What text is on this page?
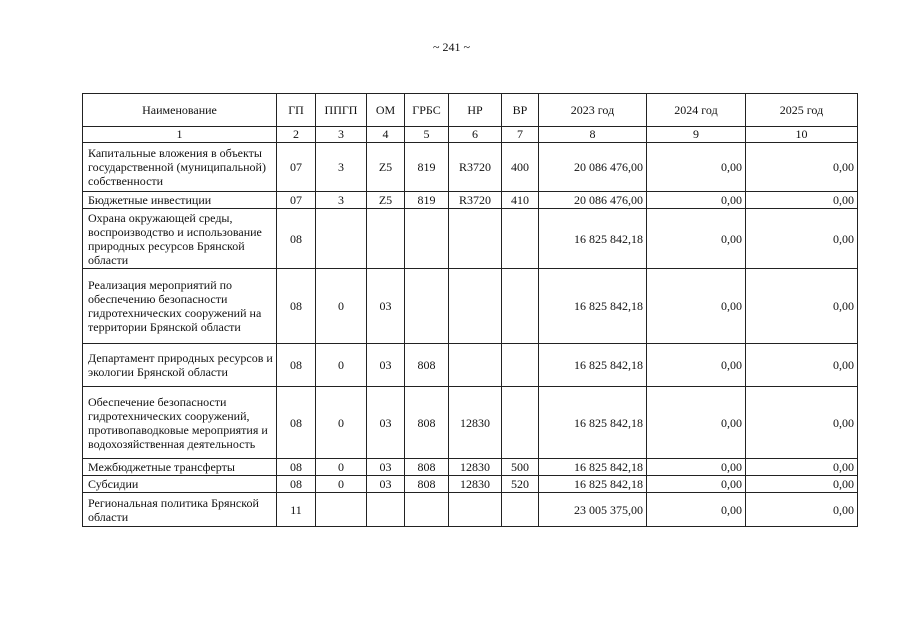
~ 241 ~
Наименование	ГП	ППГП	ОМ	ГРБС	НР	ВР	2023 год	2024 год	2025 год
1	2	3	4	5	6	7	8	9	10
Капитальные вложения в объекты государственной (муниципальной) собственности	07	3	Z5	819	R3720	400	20 086 476,00	0,00	0,00
Бюджетные инвестиции	07	3	Z5	819	R3720	410	20 086 476,00	0,00	0,00
Охрана окружающей среды, воспроизводство и использование природных ресурсов Брянской области	08						16 825 842,18	0,00	0,00
Реализация мероприятий по обеспечению безопасности гидротехнических сооружений на территории Брянской области	08	0	03				16 825 842,18	0,00	0,00
Департамент природных ресурсов и экологии Брянской области	08	0	03	808			16 825 842,18	0,00	0,00
Обеспечение безопасности гидротехнических сооружений, противопаводковые мероприятия и водохозяйственная деятельность	08	0	03	808	12830		16 825 842,18	0,00	0,00
Межбюджетные трансферты	08	0	03	808	12830	500	16 825 842,18	0,00	0,00
Субсидии	08	0	03	808	12830	520	16 825 842,18	0,00	0,00
Региональная политика Брянской области	11						23 005 375,00	0,00	0,00
